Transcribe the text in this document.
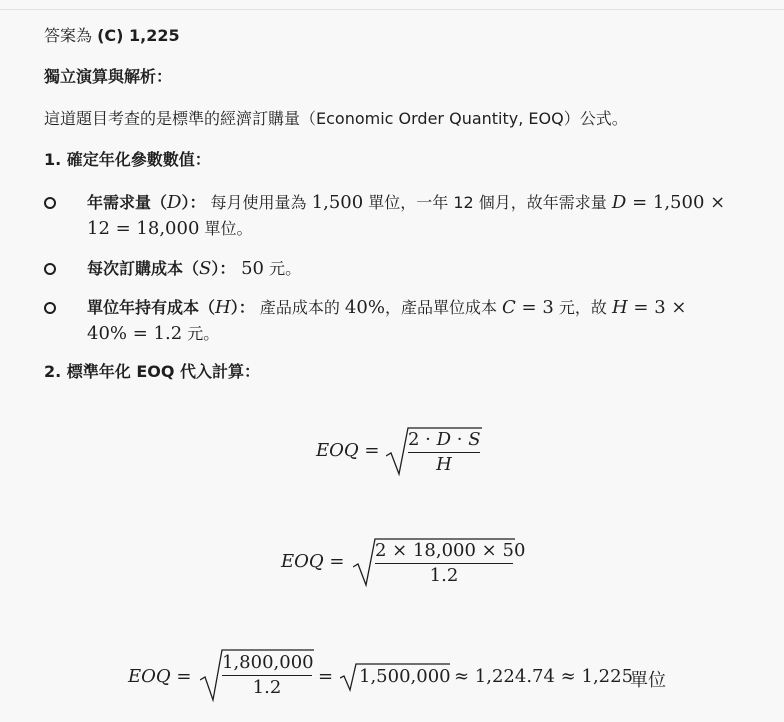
答案為 (C) 1,225

獨立演算與解析：

這道題目考查的是標準的經濟訂購量（Economic Order Quantity, EOQ）公式。

1. 確定年化參數數值：

年需求量（D）： 每月使用量為 1,500 單位，一年 12 個月，故年需求量 D = 1,500 ×
12 = 18,000 單位。
每次訂購成本（S）： 50 元。
單位年持有成本（H）： 產品成本的 40%，產品單位成本 C = 3 元，故 H = 3 ×
40% = 1.2 元。

2. 標準年化 EOQ 代入計算：

EOQ =
2 · D · S
H
EOQ =
2 × 18,000 × 50
1.2
EOQ =
1,800,000
1.2
= 1,500,000 ≈ 1,224.74 ≈ 1,225
單位
